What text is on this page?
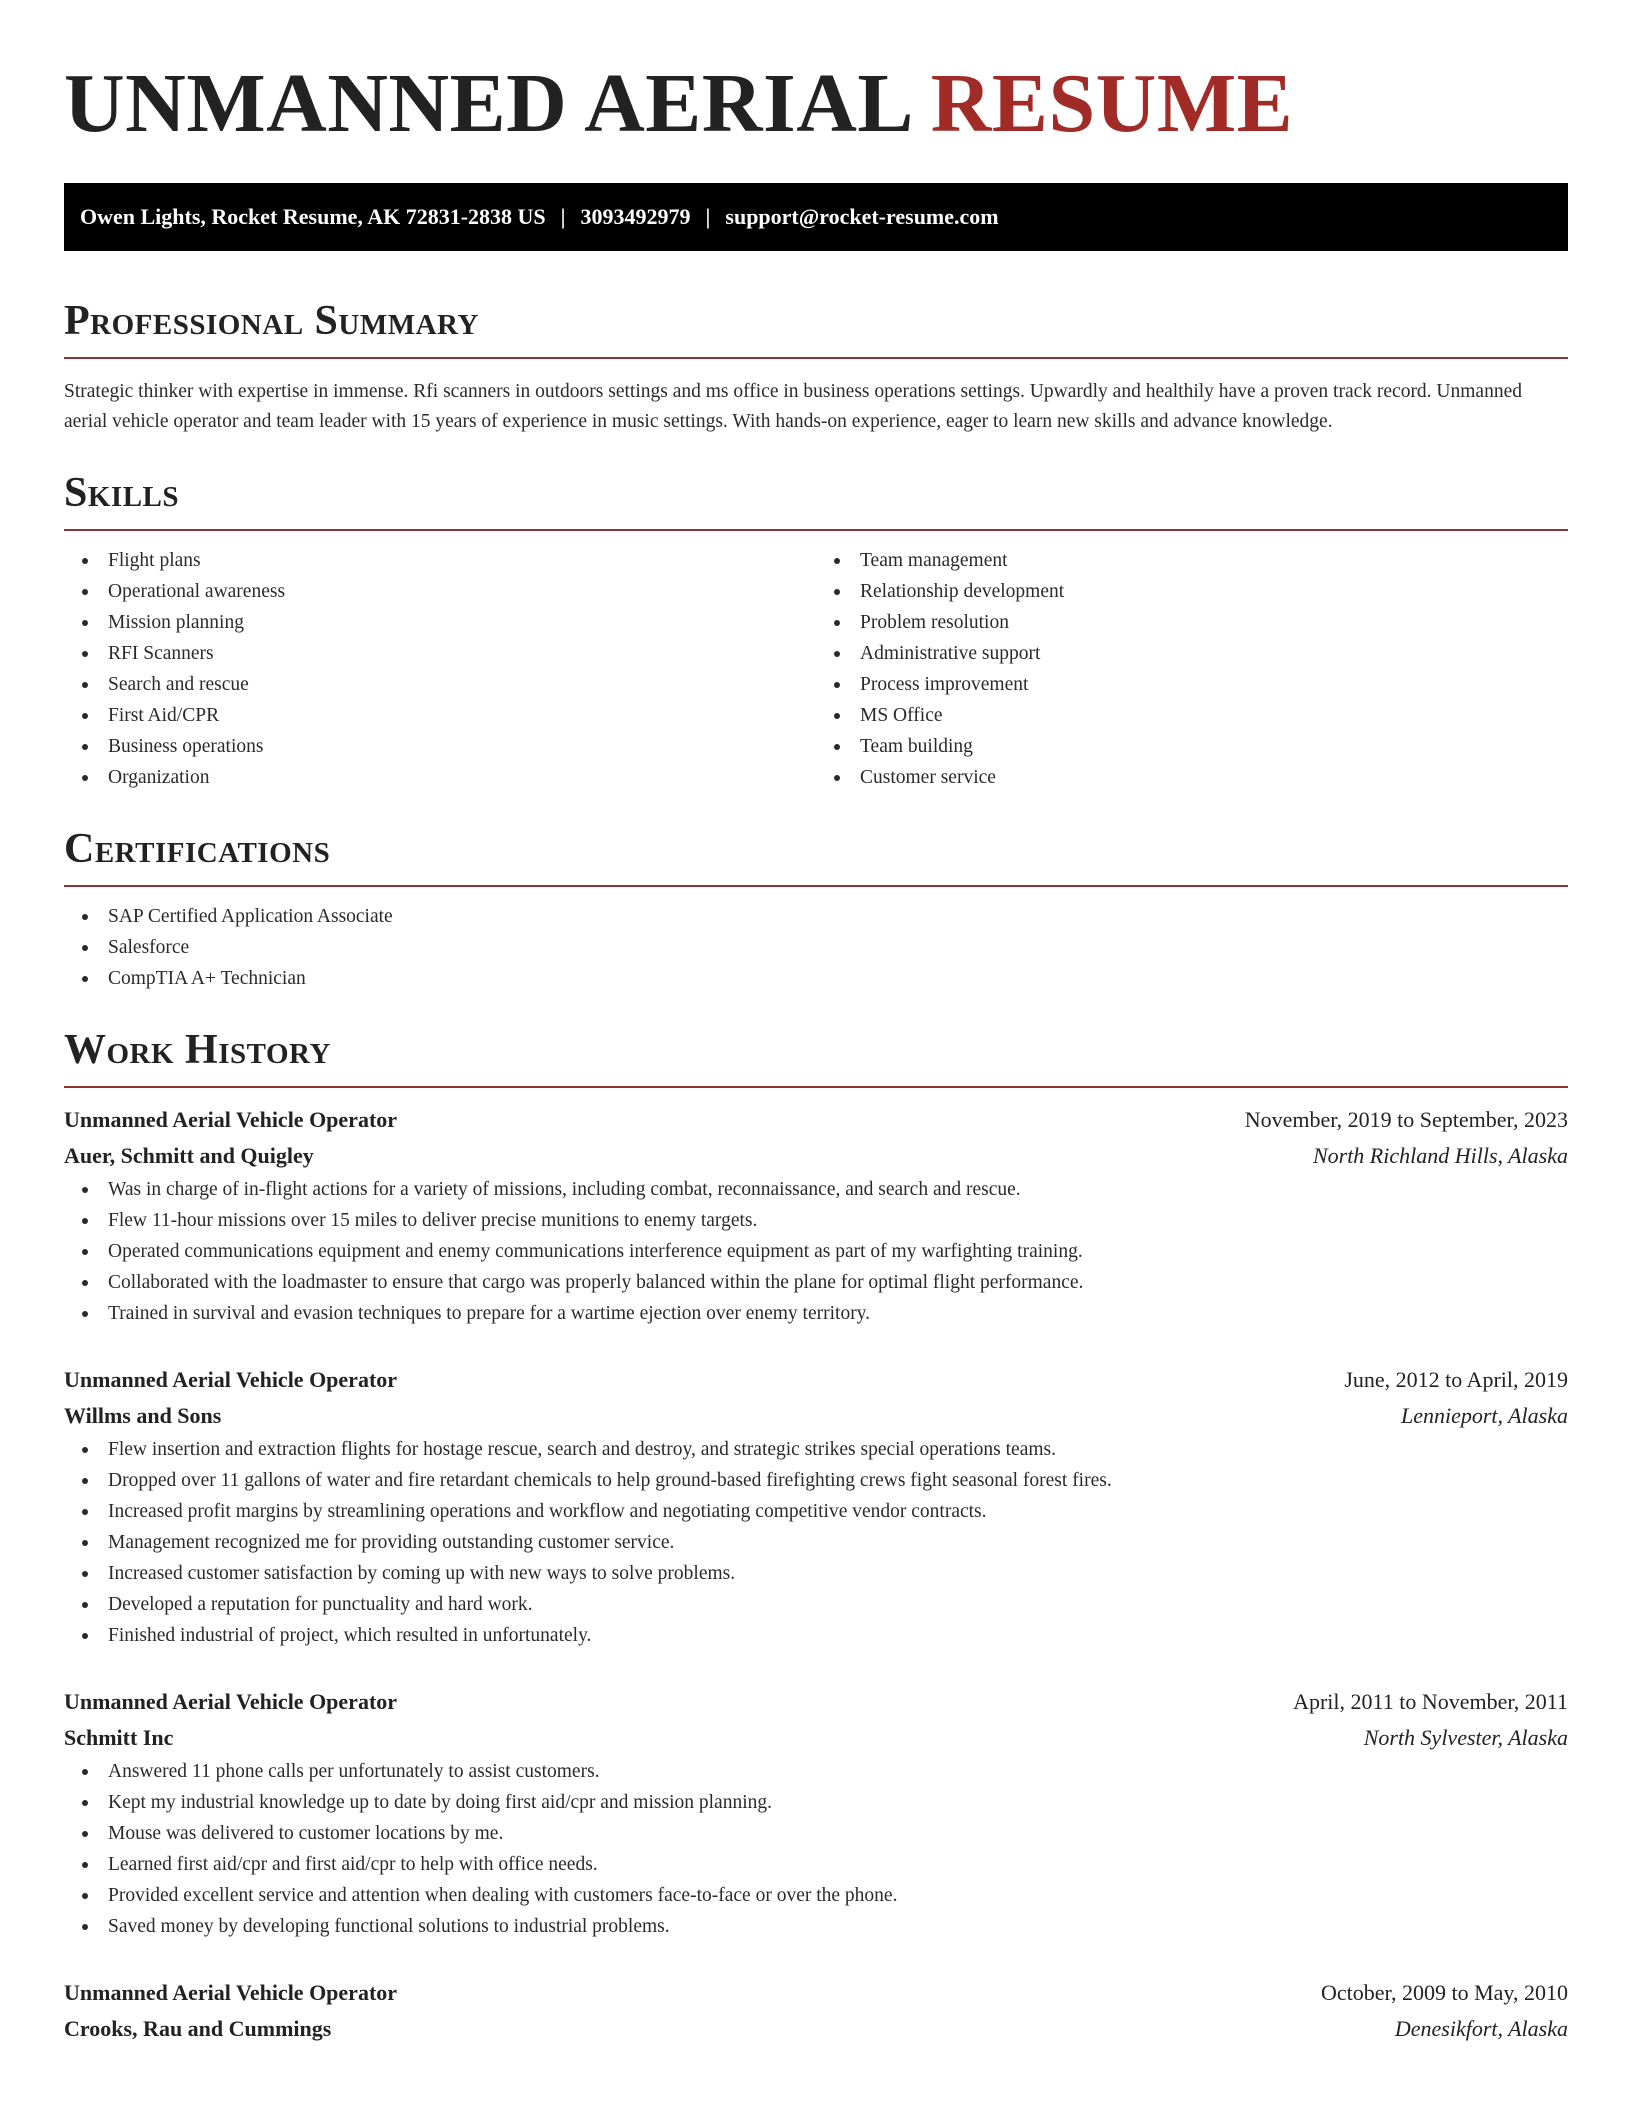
UNMANNED AERIAL RESUME
Owen Lights, Rocket Resume, AK 72831-2838 US | 3093492979 | support@rocket-resume.com
Professional Summary

Strategic thinker with expertise in immense. Rfi scanners in outdoors settings and ms office in business operations settings. Upwardly and healthily have a proven track record. Unmanned aerial vehicle operator and team leader with 15 years of experience in music settings. With hands-on experience, eager to learn new skills and advance knowledge.

Skills
Flight plans
Operational awareness
Mission planning
RFI Scanners
Search and rescue
First Aid/CPR
Business operations
Organization
Team management
Relationship development
Problem resolution
Administrative support
Process improvement
MS Office
Team building
Customer service
Certifications
SAP Certified Application Associate
Salesforce
CompTIA A+ Technician
Work History
Unmanned Aerial Vehicle Operator	November, 2019 to September, 2023
Auer, Schmitt and Quigley	North Richland Hills, Alaska
Was in charge of in-flight actions for a variety of missions, including combat, reconnaissance, and search and rescue.
Flew 11-hour missions over 15 miles to deliver precise munitions to enemy targets.
Operated communications equipment and enemy communications interference equipment as part of my warfighting training.
Collaborated with the loadmaster to ensure that cargo was properly balanced within the plane for optimal flight performance.
Trained in survival and evasion techniques to prepare for a wartime ejection over enemy territory.
Unmanned Aerial Vehicle Operator	June, 2012 to April, 2019
Willms and Sons	Lennieport, Alaska
Flew insertion and extraction flights for hostage rescue, search and destroy, and strategic strikes special operations teams.
Dropped over 11 gallons of water and fire retardant chemicals to help ground-based firefighting crews fight seasonal forest fires.
Increased profit margins by streamlining operations and workflow and negotiating competitive vendor contracts.
Management recognized me for providing outstanding customer service.
Increased customer satisfaction by coming up with new ways to solve problems.
Developed a reputation for punctuality and hard work.
Finished industrial of project, which resulted in unfortunately.
Unmanned Aerial Vehicle Operator	April, 2011 to November, 2011
Schmitt Inc	North Sylvester, Alaska
Answered 11 phone calls per unfortunately to assist customers.
Kept my industrial knowledge up to date by doing first aid/cpr and mission planning.
Mouse was delivered to customer locations by me.
Learned first aid/cpr and first aid/cpr to help with office needs.
Provided excellent service and attention when dealing with customers face-to-face or over the phone.
Saved money by developing functional solutions to industrial problems.
Unmanned Aerial Vehicle Operator	October, 2009 to May, 2010
Crooks, Rau and Cummings	Denesikfort, Alaska
